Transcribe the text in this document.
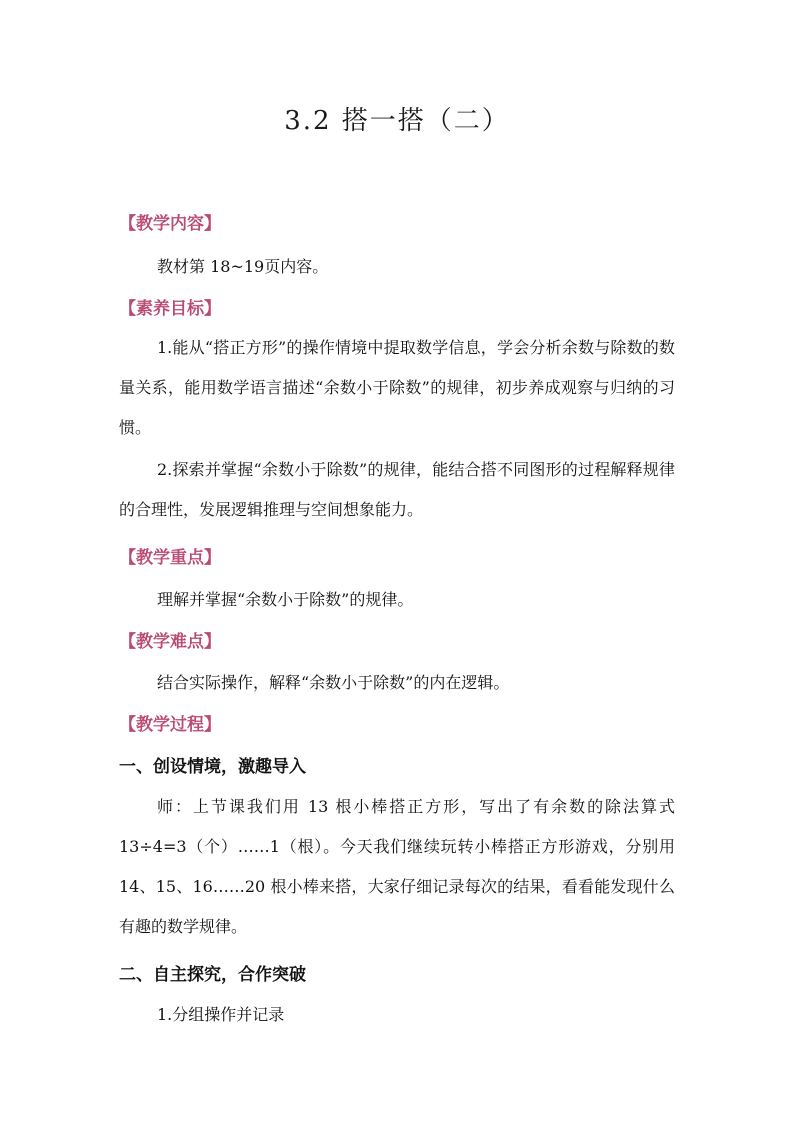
3.2 搭一搭（二）
【教学内容】
教材第 18~19页内容。
【素养目标】
1.能从“搭正方形”的操作情境中提取数学信息，学会分析余数与除数的数量关系，能用数学语言描述“余数小于除数”的规律，初步养成观察与归纳的习惯。
2.探索并掌握“余数小于除数”的规律，能结合搭不同图形的过程解释规律的合理性，发展逻辑推理与空间想象能力。
【教学重点】
理解并掌握“余数小于除数”的规律。
【教学难点】
结合实际操作，解释“余数小于除数”的内在逻辑。
【教学过程】
一、创设情境，激趣导入
师：上节课我们用 13 根小棒搭正方形，写出了有余数的除法算式 13÷4=3（个）……1（根）。今天我们继续玩转小棒搭正方形游戏，分别用 14、15、16……20 根小棒来搭，大家仔细记录每次的结果，看看能发现什么有趣的数学规律。
二、自主探究，合作突破
1.分组操作并记录
